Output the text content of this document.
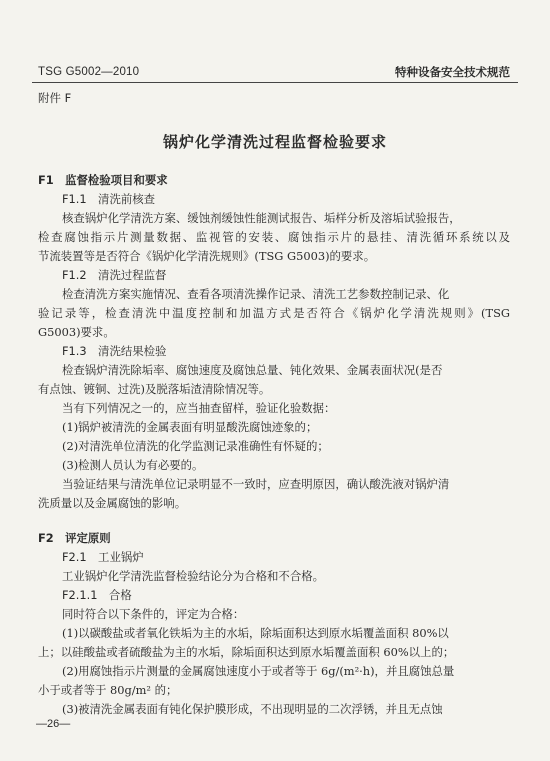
TSG G5002—2010	特种设备安全技术规范
附件 F
锅炉化学清洗过程监督检验要求
F1　监督检验项目和要求
F1.1　清洗前核查
核查锅炉化学清洗方案、缓蚀剂缓蚀性能测试报告、垢样分析及溶垢试验报告，
检查腐蚀指示片测量数据、监视管的安装、腐蚀指示片的悬挂、清洗循环系统以及
节流装置等是否符合《锅炉化学清洗规则》(TSG G5003)的要求。
F1.2　清洗过程监督
检查清洗方案实施情况、查看各项清洗操作记录、清洗工艺参数控制记录、化
验记录等，检查清洗中温度控制和加温方式是否符合《锅炉化学清洗规则》(TSG
G5003)要求。
F1.3　清洗结果检验
检查锅炉清洗除垢率、腐蚀速度及腐蚀总量、钝化效果、金属表面状况(是否
有点蚀、镀铜、过洗)及脱落垢渣清除情况等。
当有下列情况之一的，应当抽查留样，验证化验数据：
(1)锅炉被清洗的金属表面有明显酸洗腐蚀迹象的；
(2)对清洗单位清洗的化学监测记录准确性有怀疑的；
(3)检测人员认为有必要的。
当验证结果与清洗单位记录明显不一致时，应查明原因，确认酸洗液对锅炉清
洗质量以及金属腐蚀的影响。
F2　评定原则
F2.1　工业锅炉
工业锅炉化学清洗监督检验结论分为合格和不合格。
F2.1.1　合格
同时符合以下条件的，评定为合格：
(1)以碳酸盐或者氧化铁垢为主的水垢，除垢面积达到原水垢覆盖面积 80%以
上；以硅酸盐或者硫酸盐为主的水垢，除垢面积达到原水垢覆盖面积 60%以上的；
(2)用腐蚀指示片测量的金属腐蚀速度小于或者等于 6g/(m²·h)，并且腐蚀总量
小于或者等于 80g/m² 的；
(3)被清洗金属表面有钝化保护膜形成，不出现明显的二次浮锈，并且无点蚀
—26—
